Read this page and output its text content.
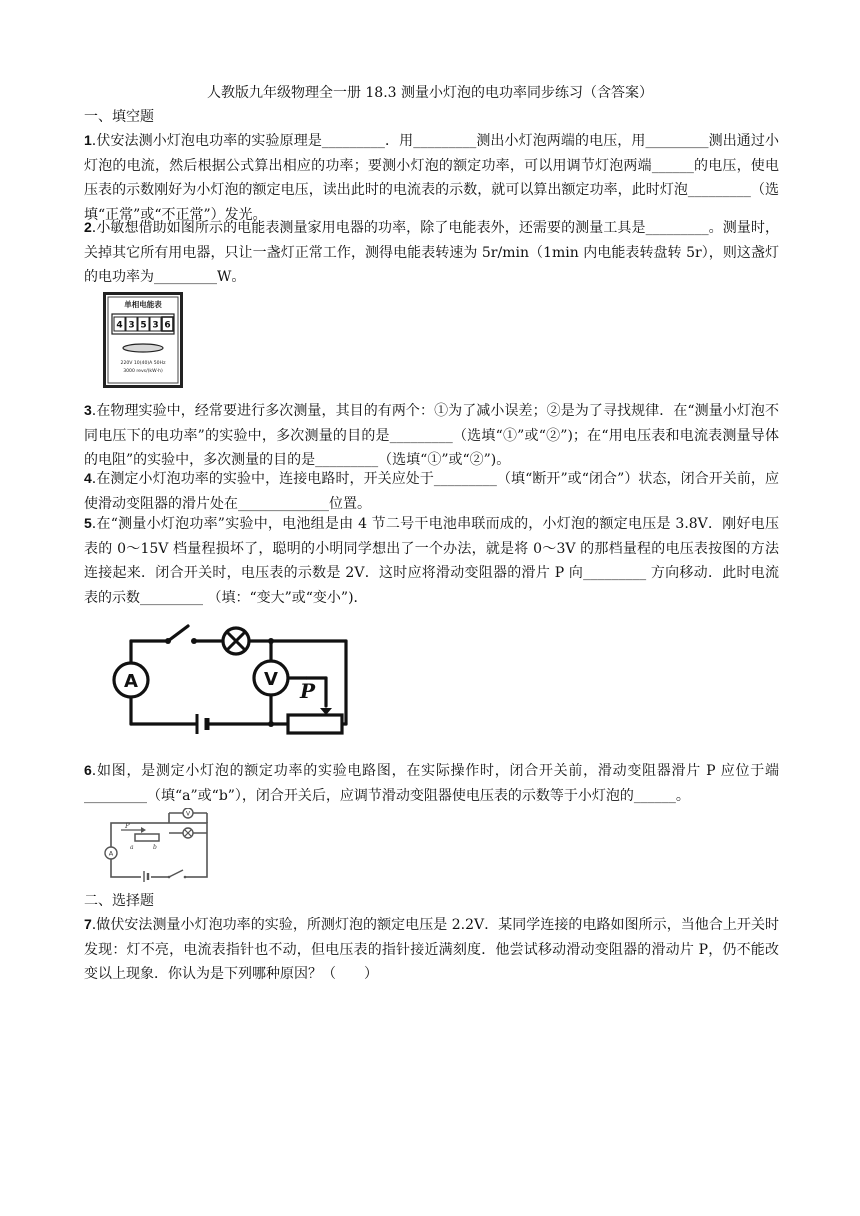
人教版九年级物理全一册 18.3 测量小灯泡的电功率同步练习（含答案）
一、填空题

1.伏安法测小灯泡电功率的实验原理是_________．用_________测出小灯泡两端的电压，用_________测出通过小灯泡的电流，然后根据公式算出相应的功率；要测小灯泡的额定功率，可以用调节灯泡两端______的电压，使电压表的示数刚好为小灯泡的额定电压，读出此时的电流表的示数，就可以算出额定功率，此时灯泡_________（选填“正常”或“不正常”）发光。

2.小敏想借助如图所示的电能表测量家用电器的功率，除了电能表外，还需要的测量工具是_________。测量时，关掉其它所有用电器，只让一盏灯正常工作，测得电能表转速为 5r/min（1min 内电能表转盘转 5r），则这盏灯的电功率为_________W。

单相电能表
4 3 5 3 6
220V 10(40)A 50Hz
3000 revs/(kW·h)

3.在物理实验中，经常要进行多次测量，其目的有两个：①为了减小误差；②是为了寻找规律．在“测量小灯泡不同电压下的电功率”的实验中，多次测量的目的是_________（选填“①”或“②”)；在“用电压表和电流表测量导体的电阻”的实验中，多次测量的目的是_________（选填“①”或“②”)。

4.在测定小灯泡功率的实验中，连接电路时，开关应处于_________（填“断开”或“闭合”）状态，闭合开关前，应使滑动变阻器的滑片处在_____________位置。

5.在“测量小灯泡功率”实验中，电池组是由 4 节二号干电池串联而成的，小灯泡的额定电压是 3.8V．刚好电压表的 0～15V 档量程损坏了，聪明的小明同学想出了一个办法，就是将 0～3V 的那档量程的电压表按图的方法连接起来．闭合开关时，电压表的示数是 2V．这时应将滑动变阻器的滑片 P 向_________ 方向移动．此时电流表的示数_________ （填：“变大”或“变小”)．

A	V P

6.如图，是测定小灯泡的额定功率的实验电路图，在实际操作时，闭合开关前，滑动变阻器滑片 P 应位于端_________（填“a”或“b”），闭合开关后，应调节滑动变阻器使电压表的示数等于小灯泡的______。

P
a	b
V
A
二、选择题

7.做伏安法测量小灯泡功率的实验，所测灯泡的额定电压是 2.2V．某同学连接的电路如图所示，当他合上开关时发现：灯不亮，电流表指针也不动，但电压表的指针接近满刻度．他尝试移动滑动变阻器的滑动片 P，仍不能改变以上现象．你认为是下列哪种原因？（　　）
